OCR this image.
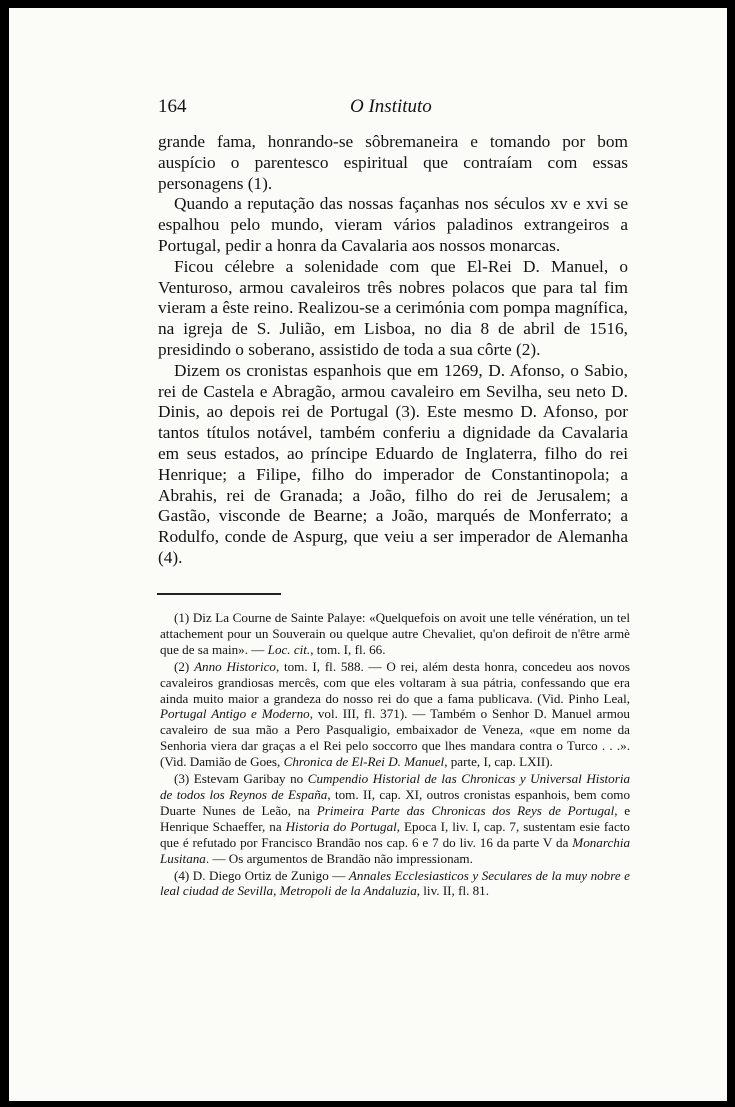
164	O Instituto

grande fama, honrando-se sôbremaneira e tomando por bom auspício o parentesco espiritual que contraíam com essas personagens (1).

Quando a reputação das nossas façanhas nos séculos xv e xvi se espalhou pelo mundo, vieram vários paladinos extrangeiros a Portugal, pedir a honra da Cavalaria aos nossos monarcas.

Ficou célebre a solenidade com que El-Rei D. Manuel, o Venturoso, armou cavaleiros três nobres polacos que para tal fim vieram a êste reino. Realizou-se a cerimónia com pompa magnífica, na igreja de S. Julião, em Lisboa, no dia 8 de abril de 1516, presidindo o soberano, assistido de toda a sua côrte (2).

Dizem os cronistas espanhois que em 1269, D. Afonso, o Sabio, rei de Castela e Abragão, armou cavaleiro em Sevilha, seu neto D. Dinis, ao depois rei de Portugal (3). Este mesmo D. Afonso, por tantos títulos notável, também conferiu a dignidade da Cavalaria em seus estados, ao príncipe Eduardo de Inglaterra, filho do rei Henrique; a Filipe, filho do imperador de Constantinopola; a Abrahis, rei de Granada; a João, filho do rei de Jerusalem; a Gastão, visconde de Bearne; a João, marqués de Monferrato; a Rodulfo, conde de Aspurg, que veiu a ser imperador de Alemanha (4).

(1) Diz La Courne de Sainte Palaye: «Quelquefois on avoit une telle vénération, un tel attachement pour un Souverain ou quelque autre Chevaliet, qu'on defiroit de n'être armè que de sa main». — Loc. cit., tom. I, fl. 66.

(2) Anno Historico, tom. I, fl. 588. — O rei, além desta honra, concedeu aos novos cavaleiros grandiosas mercês, com que eles voltaram à sua pátria, confessando que era ainda muito maior a grandeza do nosso rei do que a fama publicava. (Vid. Pinho Leal, Portugal Antigo e Moderno, vol. III, fl. 371). — Também o Senhor D. Manuel armou cavaleiro de sua mão a Pero Pasqualigio, embaixador de Veneza, «que em nome da Senhoria viera dar graças a el Rei pelo soccorro que lhes mandara contra o Turco . . .». (Vid. Damião de Goes, Chronica de El-Rei D. Manuel, parte, I, cap. LXII).

(3) Estevam Garibay no Cumpendio Historial de las Chronicas y Universal Historia de todos los Reynos de España, tom. II, cap. XI, outros cronistas espanhois, bem como Duarte Nunes de Leão, na Primeira Parte das Chronicas dos Reys de Portugal, e Henrique Schaeffer, na Historia do Portugal, Epoca I, liv. I, cap. 7, sustentam esie facto que é refutado por Francisco Brandão nos cap. 6 e 7 do liv. 16 da parte V da Monarchia Lusitana. — Os argumentos de Brandão não impressionam.

(4) D. Diego Ortiz de Zunigo — Annales Ecclesiasticos y Seculares de la muy nobre e leal ciudad de Sevilla, Metropoli de la Andaluzia, liv. II, fl. 81.
